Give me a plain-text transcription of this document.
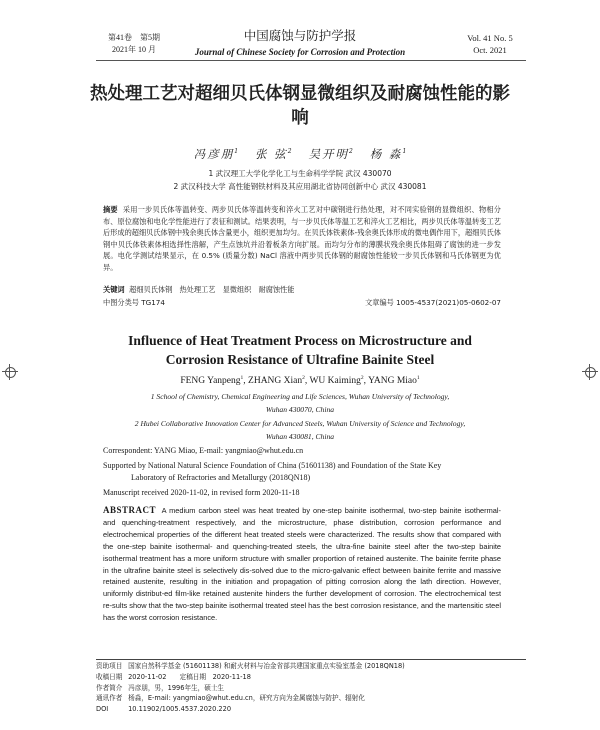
第41卷　第5期
2021年 10 月
中国腐蚀与防护学报
Journal of Chinese Society for Corrosion and Protection
Vol. 41 No. 5
Oct. 2021
热处理工艺对超细贝氏体钢显微组织及耐腐蚀性能的影响
冯彦朋$^1$ 张 弦$^2$ 吴开明$^2$ 杨 淼$^1$
1 武汉理工大学化学化工与生命科学学院 武汉 430070
2 武汉科技大学 高性能钢铁材料及其应用湖北省协同创新中心 武汉 430081
摘要 采用一步贝氏体等温转变、两步贝氏体等温转变和淬火工艺对中碳钢进行热处理，对不同实验钢的显微组织、物相分布、原位腐蚀和电化学性能进行了表征和测试。结果表明，与一步贝氏体等温工艺和淬火工艺相比，两步贝氏体等温转变工艺后形成的超细贝氏体钢中残余奥氏体含量更小，组织更加均匀。在贝氏体铁素体-残余奥氏体形成的微电偶作用下，超细贝氏体钢中贝氏体铁素体相选择性溶解，产生点蚀坑并沿着板条方向扩展。而均匀分布的薄膜状残余奥氏体阻碍了腐蚀的进一步发展。电化学测试结果显示，在 0.5% (质量分数) NaCl 溶液中两步贝氏体钢的耐腐蚀性能较一步贝氏体钢和马氏体钢更为优异。
关键词 超细贝氏体钢　热处理工艺　显微组织　耐腐蚀性能
中图分类号 TG174	文章编号 1005-4537(2021)05-0602-07
Influence of Heat Treatment Process on Microstructure and Corrosion Resistance of Ultrafine Bainite Steel
FENG Yanpeng$^1$, ZHANG Xian$^2$, WU Kaiming$^2$, YANG Miao$^1$
1 School of Chemistry, Chemical Engineering and Life Sciences, Wuhan University of Technology,
Wuhan 430070, China
2 Hubei Collaborative Innovation Center for Advanced Steels, Wuhan University of Science and Technology,
Wuhan 430081, China
Correspondent: YANG Miao, E-mail: yangmiao@whut.edu.cn
Supported by National Natural Science Foundation of China (51601138) and Foundation of the State Key
Laboratory of Refractories and Metallurgy (2018QN18)
Manuscript received 2020-11-02, in revised form 2020-11-18
ABSTRACT A medium carbon steel was heat treated by one-step bainite isothermal, two-step bainite isothermal- and quenching-treatment respectively, and the microstructure, phase distribution, corrosion performance and electrochemical properties of the different heat treated steels were characterized. The results show that compared with the one-step bainite isothermal- and quenching-treated steels, the ultra-fine bainite steel after the two-step bainite isothermal treatment has a more uniform structure with smaller proportion of retained austenite. The bainite ferrite phase in the ultrafine bainite steel is selectively dis-solved due to the micro-galvanic effect between bainite ferrite and massive retained austenite, resulting in the initiation and propagation of pitting corrosion along the lath direction. However, uniformly distribut-ed film-like retained austenite hinders the further development of corrosion. The electrochemical test re-sults show that the two-step bainite isothermal treated steel has the best corrosion resistance, and the martensitic steel has the worst corrosion resistance.
资助项目 国家自然科学基金 (51601138) 和耐火材料与冶金省部共建国家重点实验室基金 (2018QN18)
收稿日期 2020-11-02　　定稿日期　2020-11-18
作者简介 冯彦朋，男，1996年生，硕士生
通讯作者 杨淼，E-mail: yangmiao@whut.edu.cn，研究方向为金属腐蚀与防护、辐射化
DOI	10.11902/1005.4537.2020.220
